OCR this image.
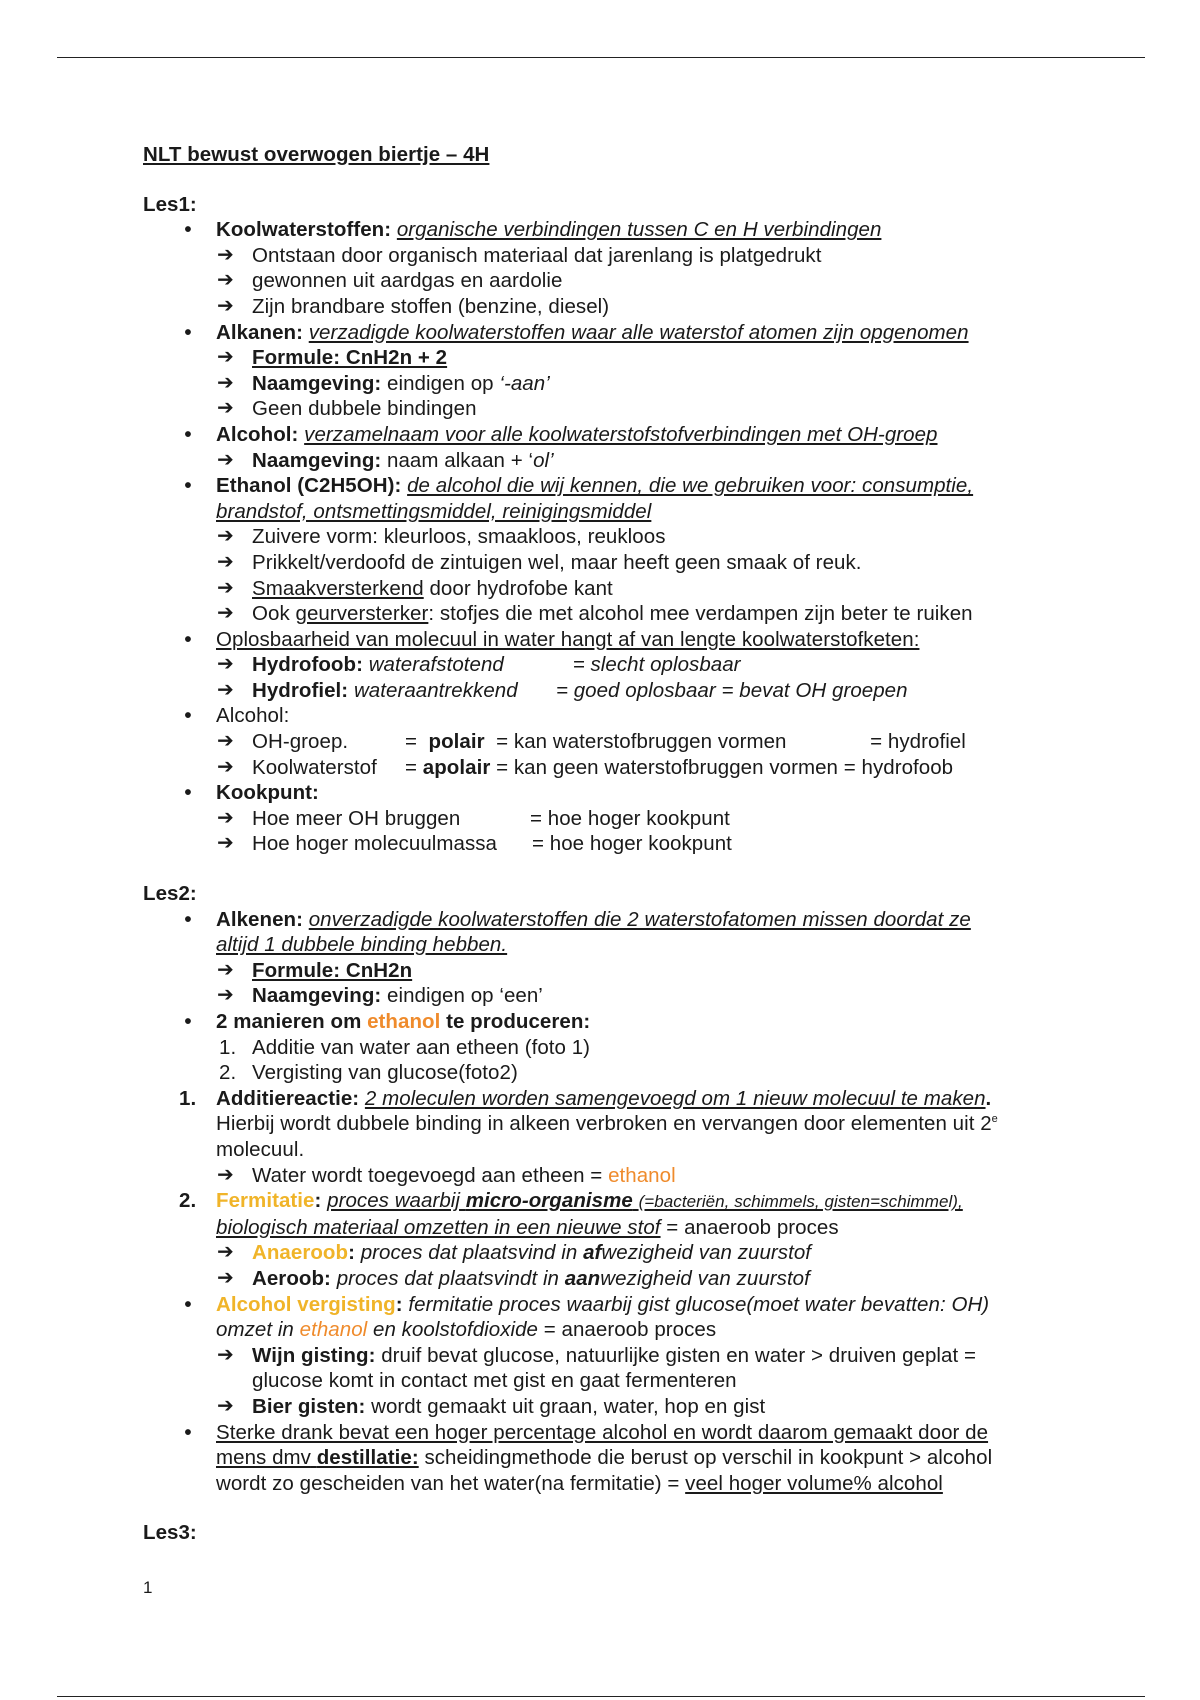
NLT bewust overwogen biertje – 4H

Les1:
•	Koolwaterstoffen: organische verbindingen tussen C en H verbindingen
➔ Ontstaan door organisch materiaal dat jarenlang is platgedrukt
➔ gewonnen uit aardgas en aardolie
➔ Zijn brandbare stoffen (benzine, diesel)
•	Alkanen: verzadigde koolwaterstoffen waar alle waterstof atomen zijn opgenomen
➔ Formule: CnH2n + 2
➔ Naamgeving: eindigen op ‘-aan’
➔ Geen dubbele bindingen
•	Alcohol: verzamelnaam voor alle koolwaterstofstofverbindingen met OH-groep
➔ Naamgeving: naam alkaan + ‘ol’
•	Ethanol (C2H5OH): de alcohol die wij kennen, die we gebruiken voor: consumptie,
brandstof, ontsmettingsmiddel, reinigingsmiddel
➔ Zuivere vorm: kleurloos, smaakloos, reukloos
➔ Prikkelt/verdoofd de zintuigen wel, maar heeft geen smaak of reuk.
➔ Smaakversterkend door hydrofobe kant
➔ Ook geurversterker: stofjes die met alcohol mee verdampen zijn beter te ruiken
•	Oplosbaarheid van molecuul in water hangt af van lengte koolwaterstofketen:
➔ Hydrofoob: waterafstotend	= slecht oplosbaar
➔ Hydrofiel: wateraantrekkend = goed oplosbaar = bevat OH groepen
•	Alcohol:
➔ OH-groep.	= polair = kan waterstofbruggen vormen	= hydrofiel
➔ Koolwaterstof = apolair = kan geen waterstofbruggen vormen = hydrofoob
•	Kookpunt:
➔ Hoe meer OH bruggen	= hoe hoger kookpunt
➔ Hoe hoger molecuulmassa = hoe hoger kookpunt
Les2:
•	Alkenen: onverzadigde koolwaterstoffen die 2 waterstofatomen missen doordat ze
altijd 1 dubbele binding hebben.
➔ Formule: CnH2n
➔ Naamgeving: eindigen op ‘een’
•	2 manieren om ethanol te produceren:
1. Additie van water aan etheen (foto 1)
2. Vergisting van glucose(foto2)
1. Additiereactie: 2 moleculen worden samengevoegd om 1 nieuw molecuul te maken.
Hierbij wordt dubbele binding in alkeen verbroken en vervangen door elementen uit 2e
molecuul.
➔ Water wordt toegevoegd aan etheen = ethanol
2. Fermitatie: proces waarbij micro-organisme (=bacteriën, schimmels, gisten=schimmel),
biologisch materiaal omzetten in een nieuwe stof = anaeroob proces
➔ Anaeroob: proces dat plaatsvind in afwezigheid van zuurstof
➔ Aeroob: proces dat plaatsvindt in aanwezigheid van zuurstof
•	Alcohol vergisting: fermitatie proces waarbij gist glucose(moet water bevatten: OH)
omzet in ethanol en koolstofdioxide = anaeroob proces
➔ Wijn gisting: druif bevat glucose, natuurlijke gisten en water > druiven geplat =
glucose komt in contact met gist en gaat fermenteren
➔ Bier gisten: wordt gemaakt uit graan, water, hop en gist
•	Sterke drank bevat een hoger percentage alcohol en wordt daarom gemaakt door de
mens dmv destillatie: scheidingmethode die berust op verschil in kookpunt > alcohol
wordt zo gescheiden van het water(na fermitatie) = veel hoger volume% alcohol
Les3:
1
